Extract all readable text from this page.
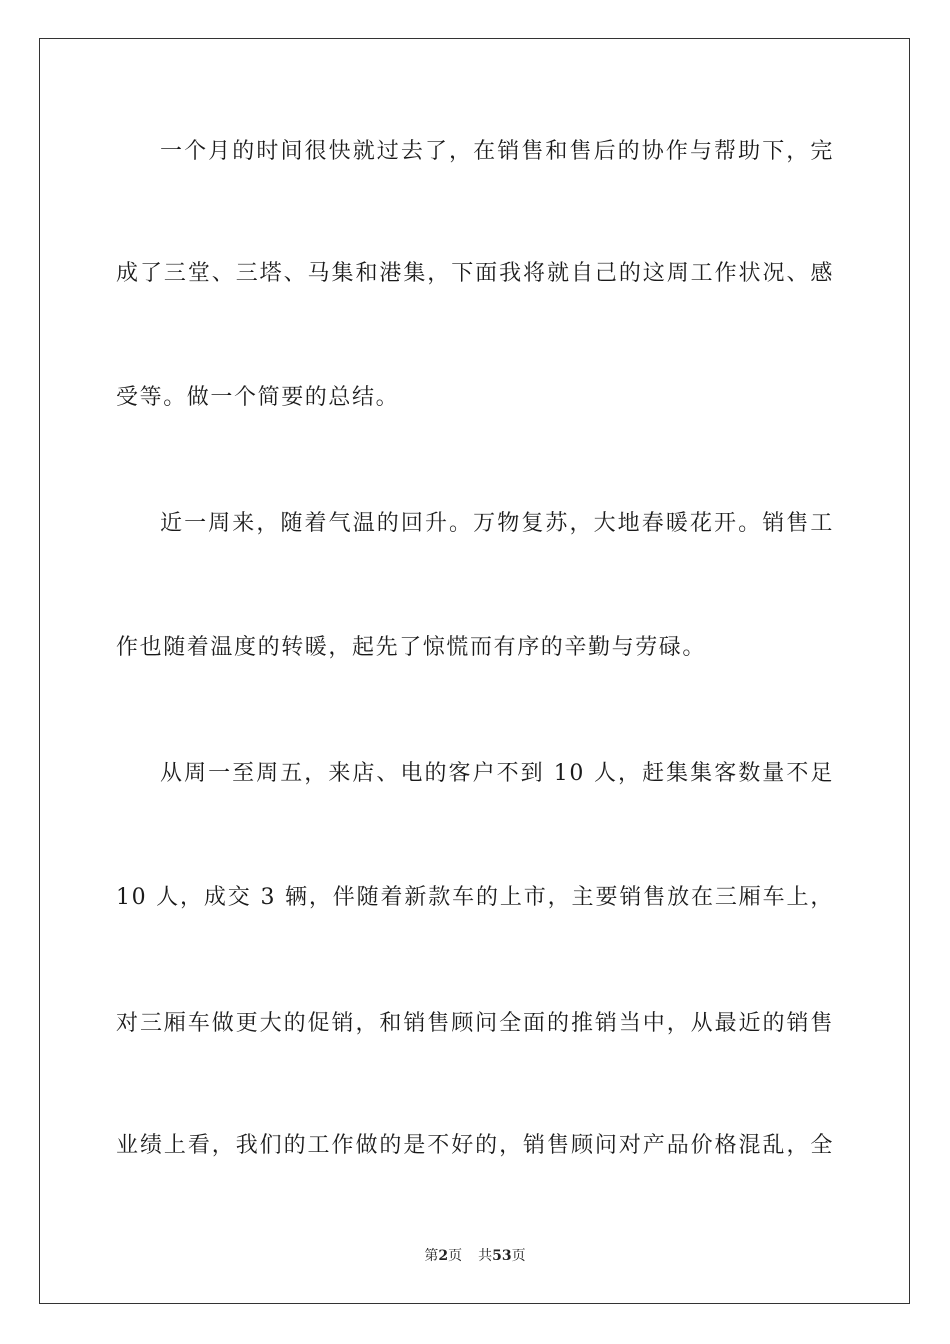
一个月的时间很快就过去了，在销售和售后的协作与帮助下，完
成了三堂、三塔、马集和港集，下面我将就自己的这周工作状况、感
受等。做一个简要的总结。
近一周来，随着气温的回升。万物复苏，大地春暖花开。销售工
作也随着温度的转暖，起先了惊慌而有序的辛勤与劳碌。
从周一至周五，来店、电的客户不到 10 人，赶集集客数量不足
10 人，成交 3 辆，伴随着新款车的上市，主要销售放在三厢车上，
对三厢车做更大的促销，和销售顾问全面的推销当中，从最近的销售
业绩上看，我们的工作做的是不好的，销售顾问对产品价格混乱，全
第2页 共53页
